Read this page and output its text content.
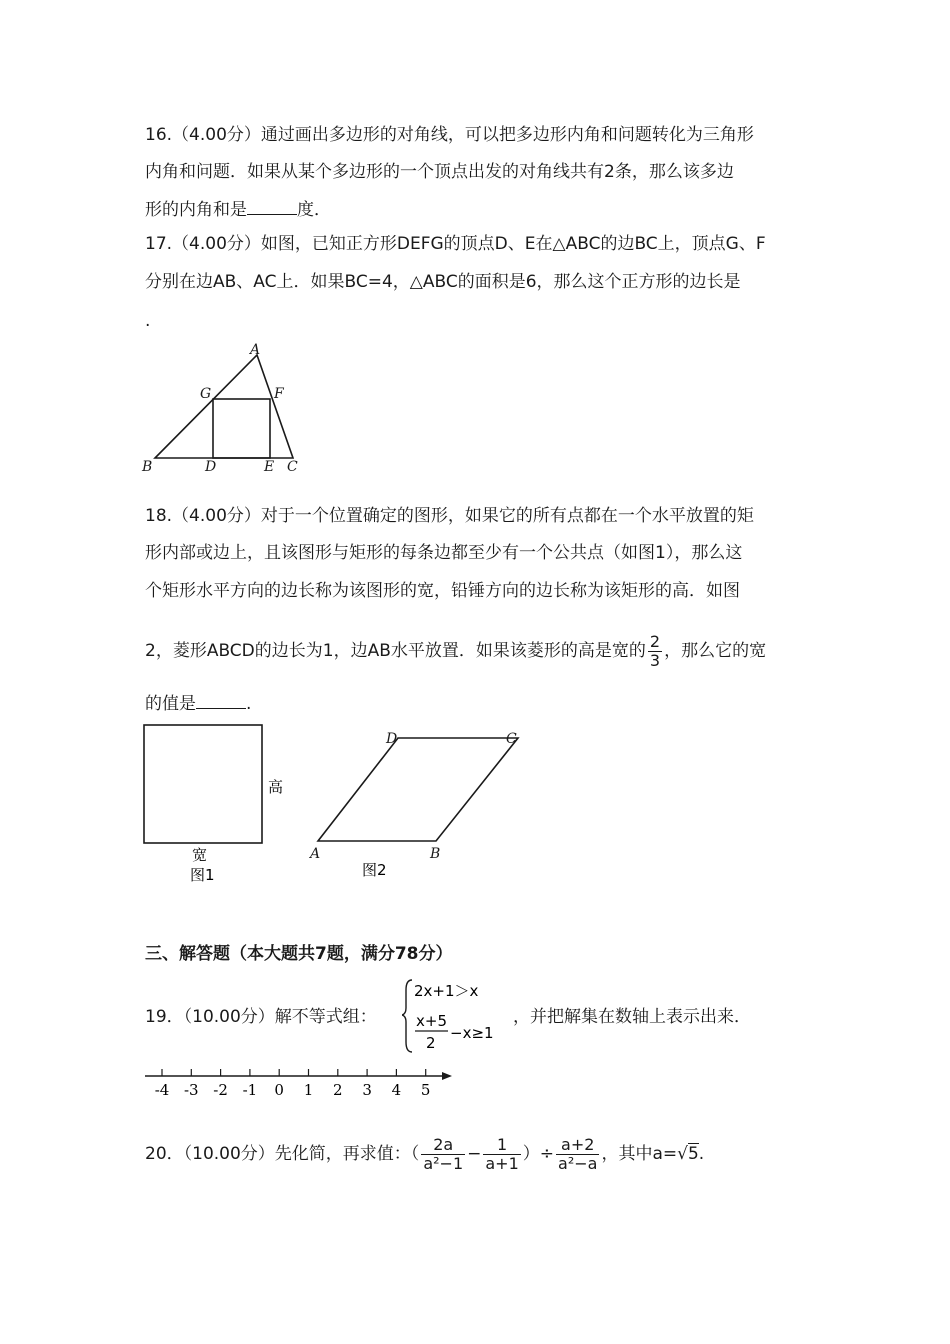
16.（4.00分）通过画出多边形的对角线，可以把多边形内角和问题转化为三角形
内角和问题．如果从某个多边形的一个顶点出发的对角线共有2条，那么该多边
形的内角和是	度．
17.（4.00分）如图，已知正方形DEFG的顶点D、E在△ABC的边BC上，顶点G、F
分别在边AB、AC上．如果BC=4，△ABC的面积是6，那么这个正方形的边长是
.
A
G	F
B	D	E C
18.（4.00分）对于一个位置确定的图形，如果它的所有点都在一个水平放置的矩
形内部或边上，且该图形与矩形的每条边都至少有一个公共点（如图1），那么这
个矩形水平方向的边长称为该图形的宽，铅锤方向的边长称为该矩形的高．如图
2，菱形ABCD的边长为1，边AB水平放置．如果该菱形的高是宽的 $\frac{2}{3}$ ，那么它的宽
的值是	.
高
宽
图1
A	B
C
D
图2
三、解答题（本大题共7题，满分78分）
19．（10.00分）解不等式组：
2x+1＞x
x+5
2
−x≥1
，并把解集在数轴上表示出来．
-4 -3 -2 -1 0 1 2 3 4 5
20．（10.00分）先化简，再求值：（ $\frac{2a}{\text{a²−1}} - \frac{1}{a+1}$ ）÷ $\frac{a+2}{\text{a²−a}}$ ，其中a=√5.
